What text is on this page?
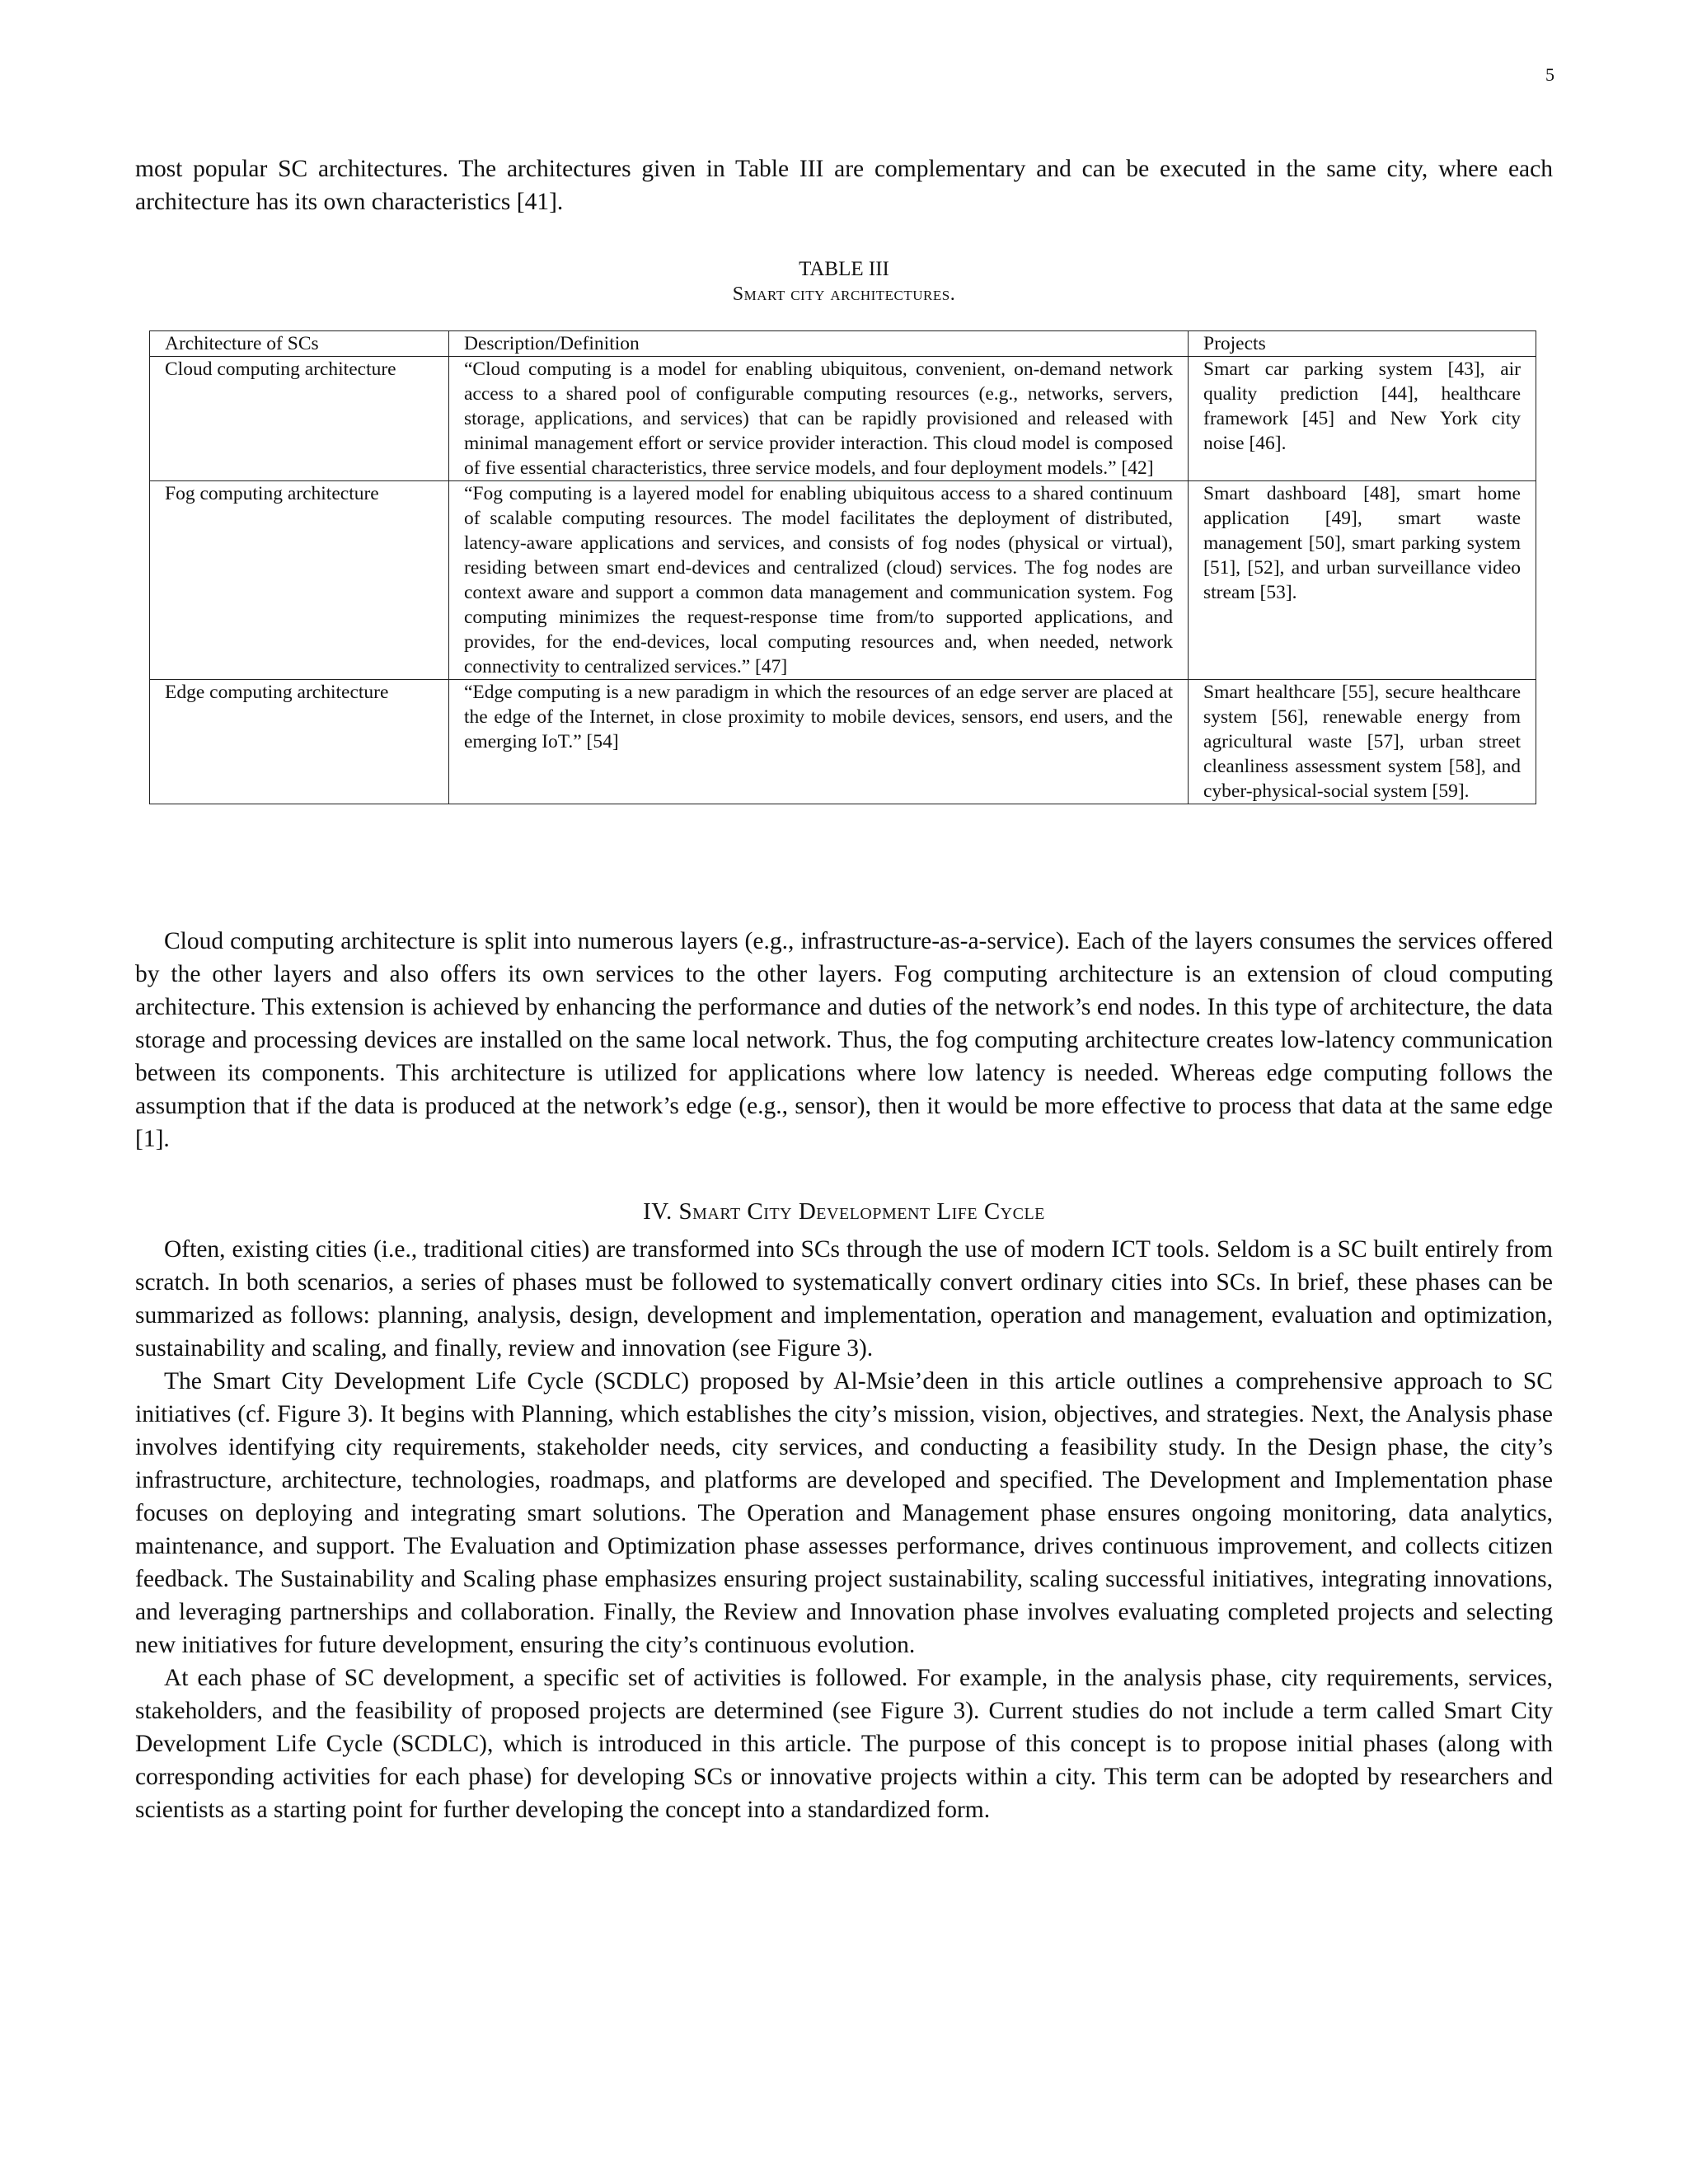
5

most popular SC architectures. The architectures given in Table III are complementary and can be executed in the same city, where each architecture has its own characteristics [41].

TABLE III
Smart city architectures.
Architecture of SCs	Description/Definition	Projects
Cloud computing architecture	“Cloud computing is a model for enabling ubiquitous, convenient, on-demand network access to a shared pool of configurable computing resources (e.g., networks, servers, storage, applications, and services) that can be rapidly provisioned and released with minimal management effort or service provider interaction. This cloud model is composed of five essential characteristics, three service models, and four deployment models.” [42]	Smart car parking system [43], air quality prediction [44], healthcare framework [45] and New York city noise [46].
Fog computing architecture	“Fog computing is a layered model for enabling ubiquitous access to a shared continuum of scalable computing resources. The model facilitates the deployment of distributed, latency-aware applications and services, and consists of fog nodes (physical or virtual), residing between smart end-devices and centralized (cloud) services. The fog nodes are context aware and support a common data management and communication system. Fog computing minimizes the request-response time from/to supported applications, and provides, for the end-devices, local computing resources and, when needed, network connectivity to centralized services.” [47]	Smart dashboard [48], smart home application [49], smart waste management [50], smart parking system [51], [52], and urban surveillance video stream [53].
Edge computing architecture	“Edge computing is a new paradigm in which the resources of an edge server are placed at the edge of the Internet, in close proximity to mobile devices, sensors, end users, and the emerging IoT.” [54]	Smart healthcare [55], secure healthcare system [56], renewable energy from agricultural waste [57], urban street cleanliness assessment system [58], and cyber-physical-social system [59].

Cloud computing architecture is split into numerous layers (e.g., infrastructure-as-a-service). Each of the layers consumes the services offered by the other layers and also offers its own services to the other layers. Fog computing architecture is an extension of cloud computing architecture. This extension is achieved by enhancing the performance and duties of the network’s end nodes. In this type of architecture, the data storage and processing devices are installed on the same local network. Thus, the fog computing architecture creates low-latency communication between its components. This architecture is utilized for applications where low latency is needed. Whereas edge computing follows the assumption that if the data is produced at the network’s edge (e.g., sensor), then it would be more effective to process that data at the same edge [1].

IV. Smart City Development Life Cycle

Often, existing cities (i.e., traditional cities) are transformed into SCs through the use of modern ICT tools. Seldom is a SC built entirely from scratch. In both scenarios, a series of phases must be followed to systematically convert ordinary cities into SCs. In brief, these phases can be summarized as follows: planning, analysis, design, development and implementation, operation and management, evaluation and optimization, sustainability and scaling, and finally, review and innovation (see Figure 3).

The Smart City Development Life Cycle (SCDLC) proposed by Al-Msie’deen in this article outlines a comprehensive approach to SC initiatives (cf. Figure 3). It begins with Planning, which establishes the city’s mission, vision, objectives, and strategies. Next, the Analysis phase involves identifying city requirements, stakeholder needs, city services, and conducting a feasibility study. In the Design phase, the city’s infrastructure, architecture, technologies, roadmaps, and platforms are developed and specified. The Development and Implementation phase focuses on deploying and integrating smart solutions. The Operation and Management phase ensures ongoing monitoring, data analytics, maintenance, and support. The Evaluation and Optimization phase assesses performance, drives continuous improvement, and collects citizen feedback. The Sustainability and Scaling phase emphasizes ensuring project sustainability, scaling successful initiatives, integrating innovations, and leveraging partnerships and collaboration. Finally, the Review and Innovation phase involves evaluating completed projects and selecting new initiatives for future development, ensuring the city’s continuous evolution.

At each phase of SC development, a specific set of activities is followed. For example, in the analysis phase, city requirements, services, stakeholders, and the feasibility of proposed projects are determined (see Figure 3). Current studies do not include a term called Smart City Development Life Cycle (SCDLC), which is introduced in this article. The purpose of this concept is to propose initial phases (along with corresponding activities for each phase) for developing SCs or innovative projects within a city. This term can be adopted by researchers and scientists as a starting point for further developing the concept into a standardized form.
